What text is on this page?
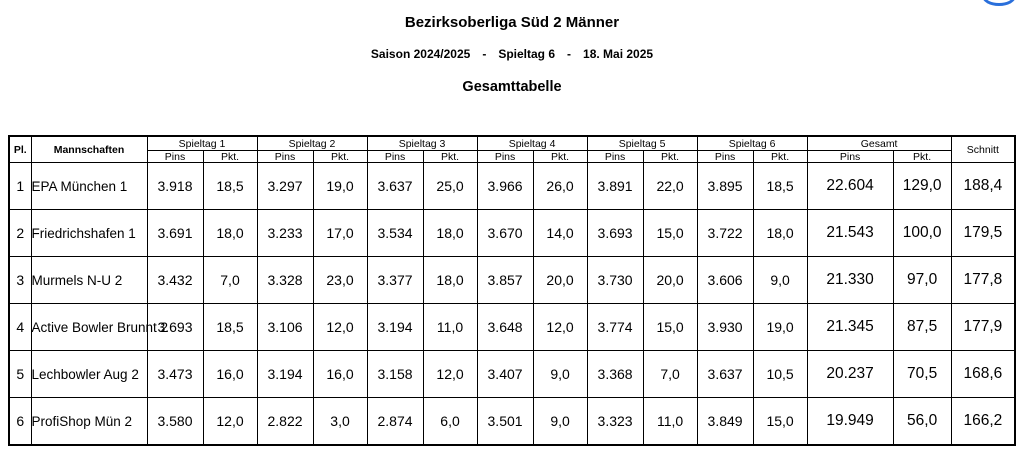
Bezirksoberliga Süd 2 Männer
Saison 2024/2025 - Spieltag 6 - 18. Mai 2025
Gesamttabelle
Pl.	Mannschaften	Spieltag 1		Spieltag 2		Spieltag 3		Spieltag 4		Spieltag 5		Spieltag 6		Gesamt		Schnitt
		Pins	Pkt.	Pins	Pkt.	Pins	Pkt.	Pins	Pkt.	Pins	Pkt.	Pins	Pkt.	Pins	Pkt.	
1	EPA München 1	3.918	18,5	3.297	19,0	3.637	25,0	3.966	26,0	3.891	22,0	3.895	18,5	22.604	129,0	188,4
2	Friedrichshafen 1	3.691	18,0	3.233	17,0	3.534	18,0	3.670	14,0	3.693	15,0	3.722	18,0	21.543	100,0	179,5
3	Murmels N-U 2	3.432	7,0	3.328	23,0	3.377	18,0	3.857	20,0	3.730	20,0	3.606	9,0	21.330	97,0	177,8
4	Active Bowler Brunnt 2	3.693	18,5	3.106	12,0	3.194	11,0	3.648	12,0	3.774	15,0	3.930	19,0	21.345	87,5	177,9
5	Lechbowler Aug 2	3.473	16,0	3.194	16,0	3.158	12,0	3.407	9,0	3.368	7,0	3.637	10,5	20.237	70,5	168,6
6	ProfiShop Mün 2	3.580	12,0	2.822	3,0	2.874	6,0	3.501	9,0	3.323	11,0	3.849	15,0	19.949	56,0	166,2
